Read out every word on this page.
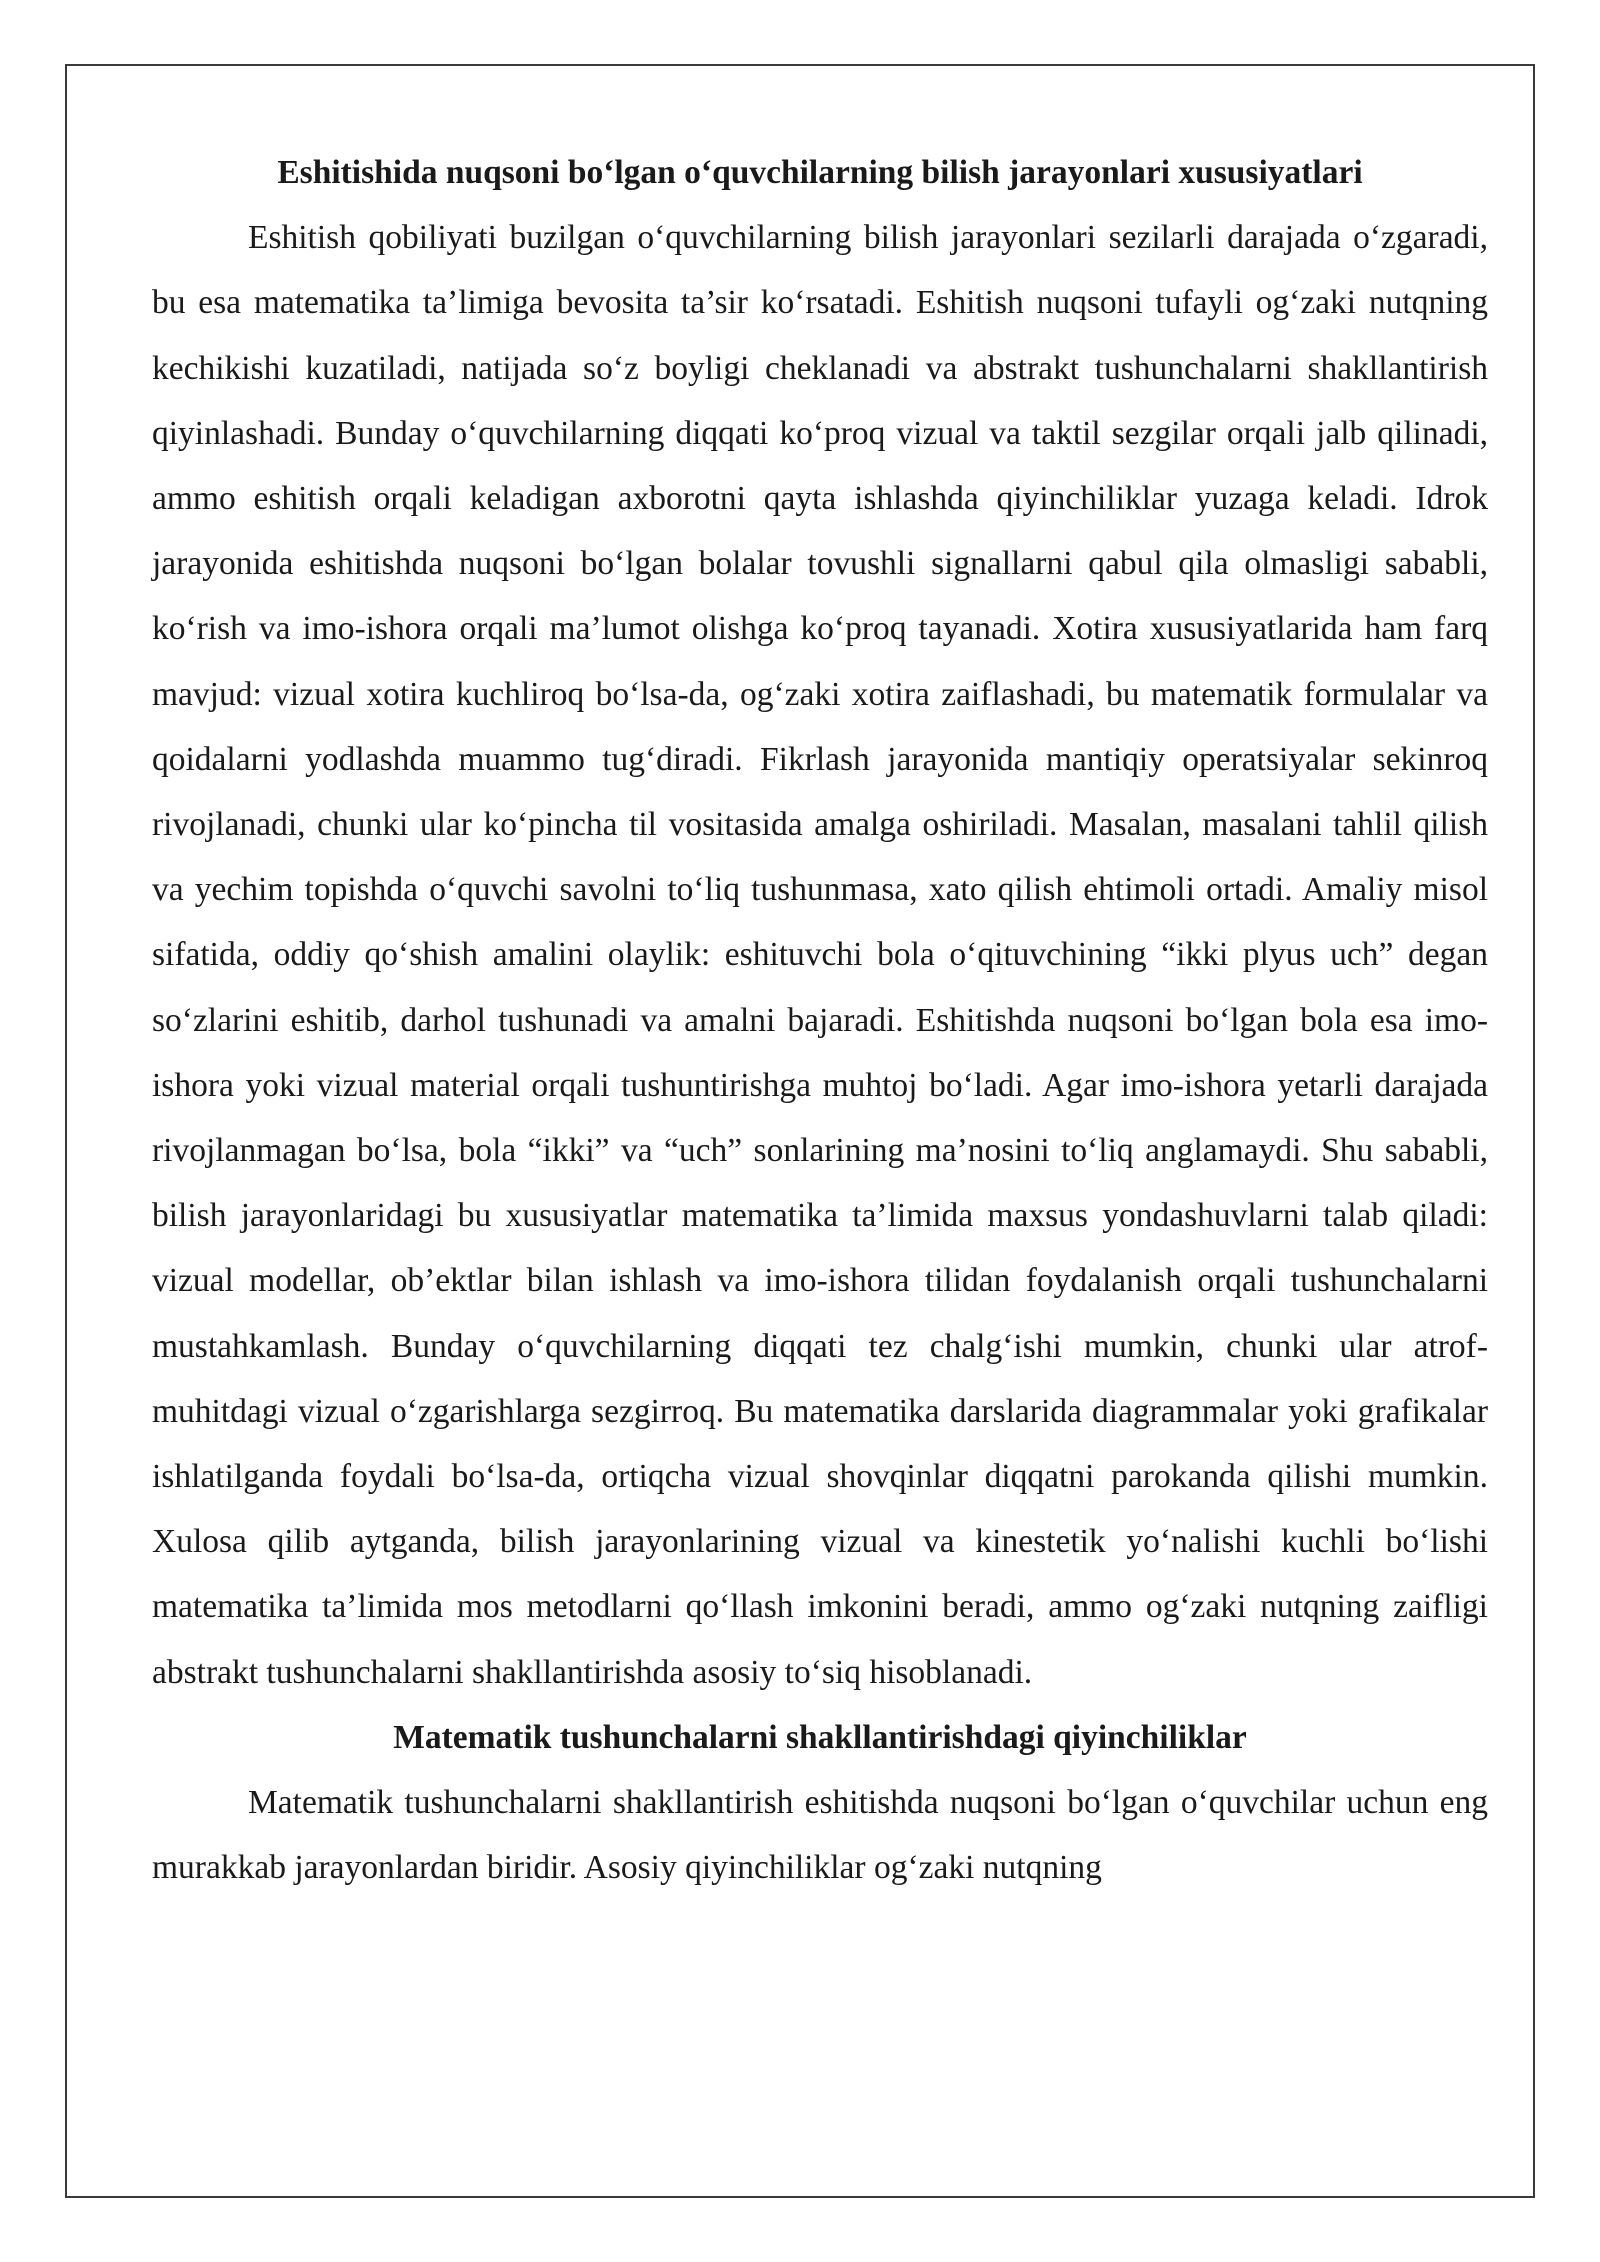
Eshitishida nuqsoni bo‘lgan o‘quvchilarning bilish jarayonlari xususiyatlari

Eshitish qobiliyati buzilgan o‘quvchilarning bilish jarayonlari sezilarli darajada o‘zgaradi, bu esa matematika ta’limiga bevosita ta’sir ko‘rsatadi. Eshitish nuqsoni tufayli og‘zaki nutqning kechikishi kuzatiladi, natijada so‘z boyligi cheklanadi va abstrakt tushunchalarni shakllantirish qiyinlashadi. Bunday o‘quvchilarning diqqati ko‘proq vizual va taktil sezgilar orqali jalb qilinadi, ammo eshitish orqali keladigan axborotni qayta ishlashda qiyinchiliklar yuzaga keladi. Idrok jarayonida eshitishda nuqsoni bo‘lgan bolalar tovushli signallarni qabul qila olmasligi sababli, ko‘rish va imo-ishora orqali ma’lumot olishga ko‘proq tayanadi. Xotira xususiyatlarida ham farq mavjud: vizual xotira kuchliroq bo‘lsa-da, og‘zaki xotira zaiflashadi, bu matematik formulalar va qoidalarni yodlashda muammo tug‘diradi. Fikrlash jarayonida mantiqiy operatsiyalar sekinroq rivojlanadi, chunki ular ko‘pincha til vositasida amalga oshiriladi. Masalan, masalani tahlil qilish va yechim topishda o‘quvchi savolni to‘liq tushunmasa, xato qilish ehtimoli ortadi. Amaliy misol sifatida, oddiy qo‘shish amalini olaylik: eshituvchi bola o‘qituvchining “ikki plyus uch” degan so‘zlarini eshitib, darhol tushunadi va amalni bajaradi. Eshitishda nuqsoni bo‘lgan bola esa imo-ishora yoki vizual material orqali tushuntirishga muhtoj bo‘ladi. Agar imo-ishora yetarli darajada rivojlanmagan bo‘lsa, bola “ikki” va “uch” sonlarining ma’nosini to‘liq anglamaydi. Shu sababli, bilish jarayonlaridagi bu xususiyatlar matematika ta’limida maxsus yondashuvlarni talab qiladi: vizual modellar, ob’ektlar bilan ishlash va imo-ishora tilidan foydalanish orqali tushunchalarni mustahkamlash. Bunday o‘quvchilarning diqqati tez chalg‘ishi mumkin, chunki ular atrof-muhitdagi vizual o‘zgarishlarga sezgirroq. Bu matematika darslarida diagrammalar yoki grafikalar ishlatilganda foydali bo‘lsa-da, ortiqcha vizual shovqinlar diqqatni parokanda qilishi mumkin. Xulosa qilib aytganda, bilish jarayonlarining vizual va kinestetik yo‘nalishi kuchli bo‘lishi matematika ta’limida mos metodlarni qo‘llash imkonini beradi, ammo og‘zaki nutqning zaifligi abstrakt tushunchalarni shakllantirishda asosiy to‘siq hisoblanadi.

Matematik tushunchalarni shakllantirishdagi qiyinchiliklar

Matematik tushunchalarni shakllantirish eshitishda nuqsoni bo‘lgan o‘quvchilar uchun eng murakkab jarayonlardan biridir. Asosiy qiyinchiliklar og‘zaki nutqning
